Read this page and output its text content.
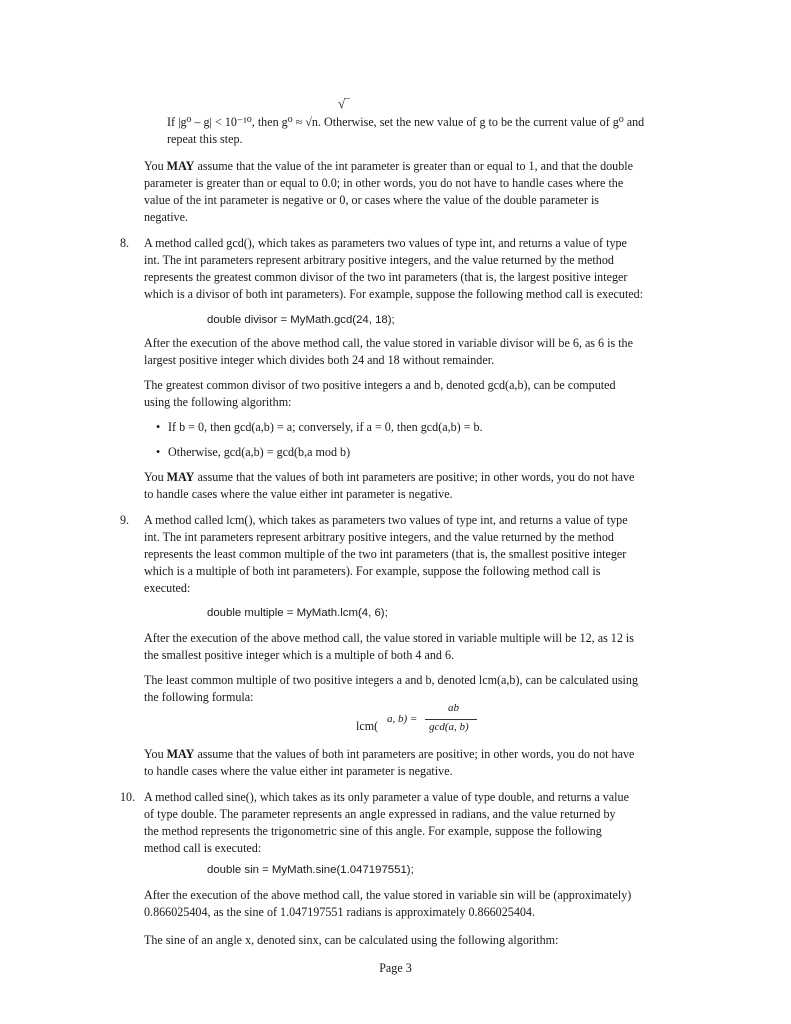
√‾
If |g⁰ – g| < 10⁻¹⁰, then g⁰ ≈ √n. Otherwise, set the new value of g to be the current value of g⁰ and
repeat this step.
You MAY assume that the value of the int parameter is greater than or equal to 1, and that the double
parameter is greater than or equal to 0.0; in other words, you do not have to handle cases where the
value of the int parameter is negative or 0, or cases where the value of the double parameter is
negative.
8. A method called gcd(), which takes as parameters two values of type int, and returns a value of type
int. The int parameters represent arbitrary positive integers, and the value returned by the method
represents the greatest common divisor of the two int parameters (that is, the largest positive integer
which is a divisor of both int parameters). For example, suppose the following method call is executed:
double divisor = MyMath.gcd(24, 18);
After the execution of the above method call, the value stored in variable divisor will be 6, as 6 is the
largest positive integer which divides both 24 and 18 without remainder.
The greatest common divisor of two positive integers a and b, denoted gcd(a,b), can be computed
using the following algorithm:
• If b = 0, then gcd(a,b) = a; conversely, if a = 0, then gcd(a,b) = b.
• Otherwise, gcd(a,b) = gcd(b,a mod b)
You MAY assume that the values of both int parameters are positive; in other words, you do not have
to handle cases where the value either int parameter is negative.
9. A method called lcm(), which takes as parameters two values of type int, and returns a value of type
int. The int parameters represent arbitrary positive integers, and the value returned by the method
represents the least common multiple of the two int parameters (that is, the smallest positive integer
which is a multiple of both int parameters). For example, suppose the following method call is
executed:
double multiple = MyMath.lcm(4, 6);
After the execution of the above method call, the value stored in variable multiple will be 12, as 12 is
the smallest positive integer which is a multiple of both 4 and 6.
The least common multiple of two positive integers a and b, denoted lcm(a,b), can be calculated using
the following formula:
lcm( a, b) =
ab
gcd(a, b)
You MAY assume that the values of both int parameters are positive; in other words, you do not have
to handle cases where the value either int parameter is negative.
10. A method called sine(), which takes as its only parameter a value of type double, and returns a value
of type double. The parameter represents an angle expressed in radians, and the value returned by
the method represents the trigonometric sine of this angle. For example, suppose the following
method call is executed:
double sin = MyMath.sine(1.047197551);
After the execution of the above method call, the value stored in variable sin will be (approximately)
0.866025404, as the sine of 1.047197551 radians is approximately 0.866025404.
The sine of an angle x, denoted sinx, can be calculated using the following algorithm:
Page 3
